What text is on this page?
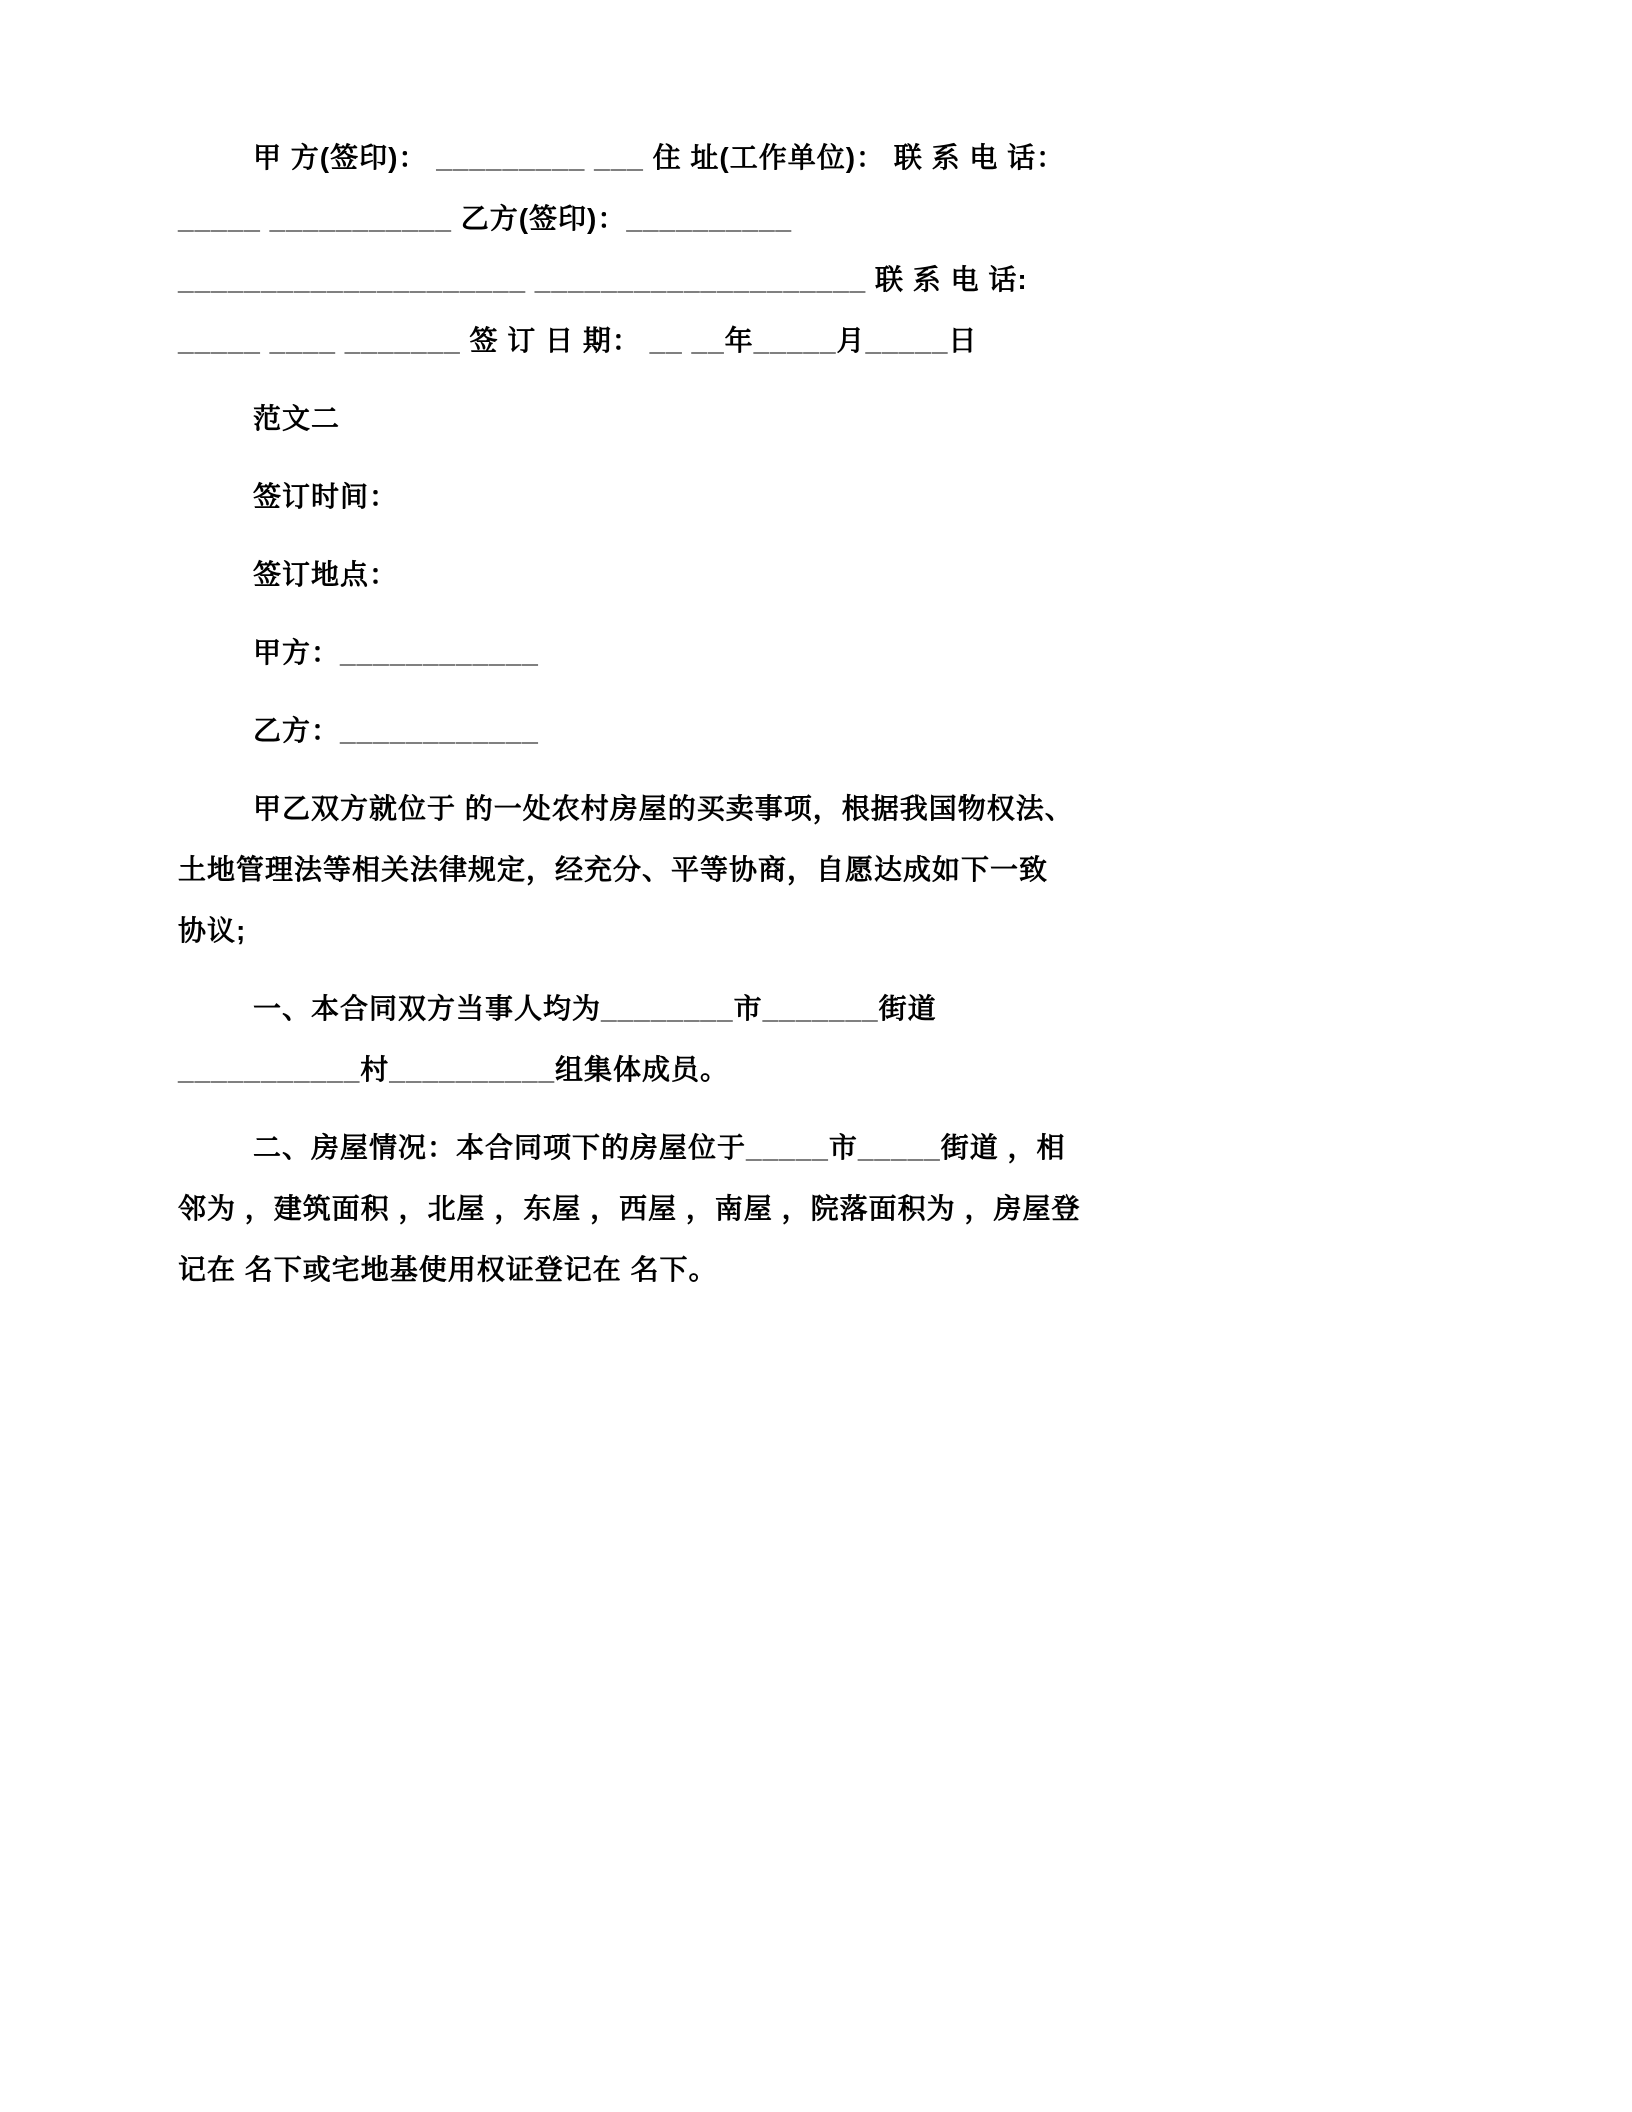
甲 方(签印)： _________ ___ 住 址(工作单位)： 联 系 电 话：
_____ ___________ 乙方(签印)：__________
_____________________ ____________________ 联 系 电 话:
_____ ____ _______ 签 订 日 期： __ __年_____月_____日
范文二
签订时间：
签订地点：
甲方：____________
乙方：____________
甲乙双方就位于 的一处农村房屋的买卖事项，根据我国物权法、
土地管理法等相关法律规定，经充分、平等协商，自愿达成如下一致
协议;
一、本合同双方当事人均为________市_______街道
___________村__________组集体成员。
二、房屋情况：本合同项下的房屋位于_____市_____街道 ，相
邻为 ，建筑面积 ，北屋 ，东屋 ，西屋 ，南屋 ，院落面积为 ，房屋登
记在 名下或宅地基使用权证登记在 名下。
